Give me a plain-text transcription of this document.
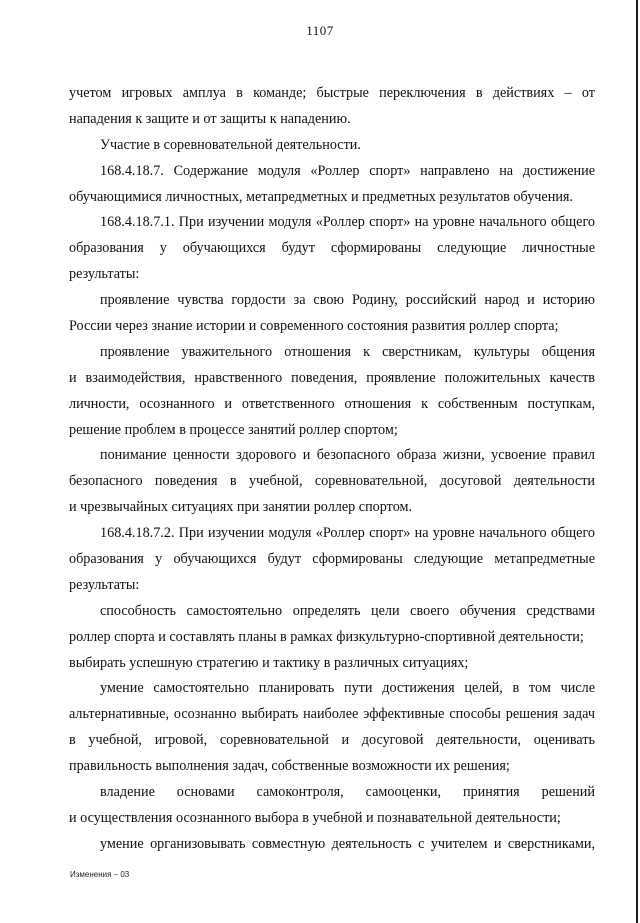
1107
учетом игровых амплуа в команде; быстрые переключения в действиях – от
нападения к защите и от защиты к нападению.
Участие в соревновательной деятельности.
168.4.18.7. Содержание модуля «Роллер спорт» направлено на достижение
обучающимися личностных, метапредметных и предметных результатов обучения.
168.4.18.7.1. При изучении модуля «Роллер спорт» на уровне начального общего
образования у обучающихся будут сформированы следующие личностные
результаты:
проявление чувства гордости за свою Родину, российский народ и историю
России через знание истории и современного состояния развития роллер спорта;
проявление уважительного отношения к сверстникам, культуры общения
и взаимодействия, нравственного поведения, проявление положительных качеств
личности, осознанного и ответственного отношения к собственным поступкам,
решение проблем в процессе занятий роллер спортом;
понимание ценности здорового и безопасного образа жизни, усвоение правил
безопасного поведения в учебной, соревновательной, досуговой деятельности
и чрезвычайных ситуациях при занятии роллер спортом.
168.4.18.7.2. При изучении модуля «Роллер спорт» на уровне начального общего
образования у обучающихся будут сформированы следующие метапредметные
результаты:
способность самостоятельно определять цели своего обучения средствами
роллер спорта и составлять планы в рамках физкультурно-спортивной деятельности;
выбирать успешную стратегию и тактику в различных ситуациях;
умение самостоятельно планировать пути достижения целей, в том числе
альтернативные, осознанно выбирать наиболее эффективные способы решения задач
в учебной, игровой, соревновательной и досуговой деятельности, оценивать
правильность выполнения задач, собственные возможности их решения;
владение основами самоконтроля, самооценки, принятия решений
и осуществления осознанного выбора в учебной и познавательной деятельности;
умение организовывать совместную деятельность с учителем и сверстниками,
Изменения – 03
